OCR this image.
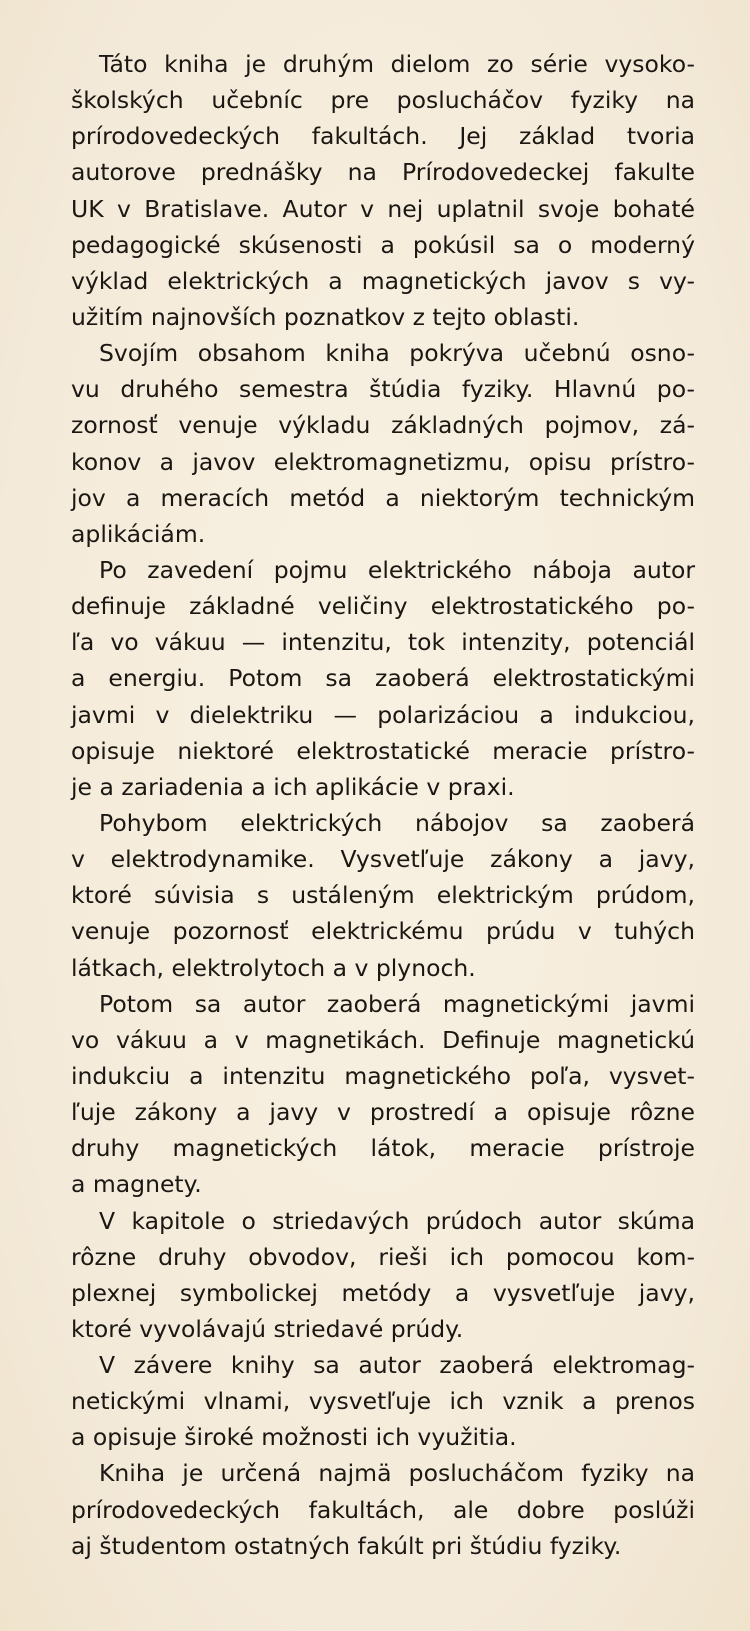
Táto kniha je druhým dielom zo série vysoko-
školských učebníc pre poslucháčov fyziky na
prírodovedeckých fakultách. Jej základ tvoria
autorove prednášky na Prírodovedeckej fakulte
UK v Bratislave. Autor v nej uplatnil svoje bohaté
pedagogické skúsenosti a pokúsil sa o moderný
výklad elektrických a magnetických javov s vy-
užitím najnovších poznatkov z tejto oblasti.
Svojím obsahom kniha pokrýva učebnú osno-
vu druhého semestra štúdia fyziky. Hlavnú po-
zornosť venuje výkladu základných pojmov, zá-
konov a javov elektromagnetizmu, opisu prístro-
jov a meracích metód a niektorým technickým
aplikáciám.
Po zavedení pojmu elektrického náboja autor
definuje základné veličiny elektrostatického po-
ľa vo vákuu — intenzitu, tok intenzity, potenciál
a energiu. Potom sa zaoberá elektrostatickými
javmi v dielektriku — polarizáciou a indukciou,
opisuje niektoré elektrostatické meracie prístro-
je a zariadenia a ich aplikácie v praxi.
Pohybom elektrických nábojov sa zaoberá
v elektrodynamike. Vysvetľuje zákony a javy,
ktoré súvisia s ustáleným elektrickým prúdom,
venuje pozornosť elektrickému prúdu v tuhých
látkach, elektrolytoch a v plynoch.
Potom sa autor zaoberá magnetickými javmi
vo vákuu a v magnetikách. Definuje magnetickú
indukciu a intenzitu magnetického poľa, vysvet-
ľuje zákony a javy v prostredí a opisuje rôzne
druhy magnetických látok, meracie prístroje
a magnety.
V kapitole o striedavých prúdoch autor skúma
rôzne druhy obvodov, rieši ich pomocou kom-
plexnej symbolickej metódy a vysvetľuje javy,
ktoré vyvolávajú striedavé prúdy.
V závere knihy sa autor zaoberá elektromag-
netickými vlnami, vysvetľuje ich vznik a prenos
a opisuje široké možnosti ich využitia.
Kniha je určená najmä poslucháčom fyziky na
prírodovedeckých fakultách, ale dobre poslúži
aj študentom ostatných fakúlt pri štúdiu fyziky.
